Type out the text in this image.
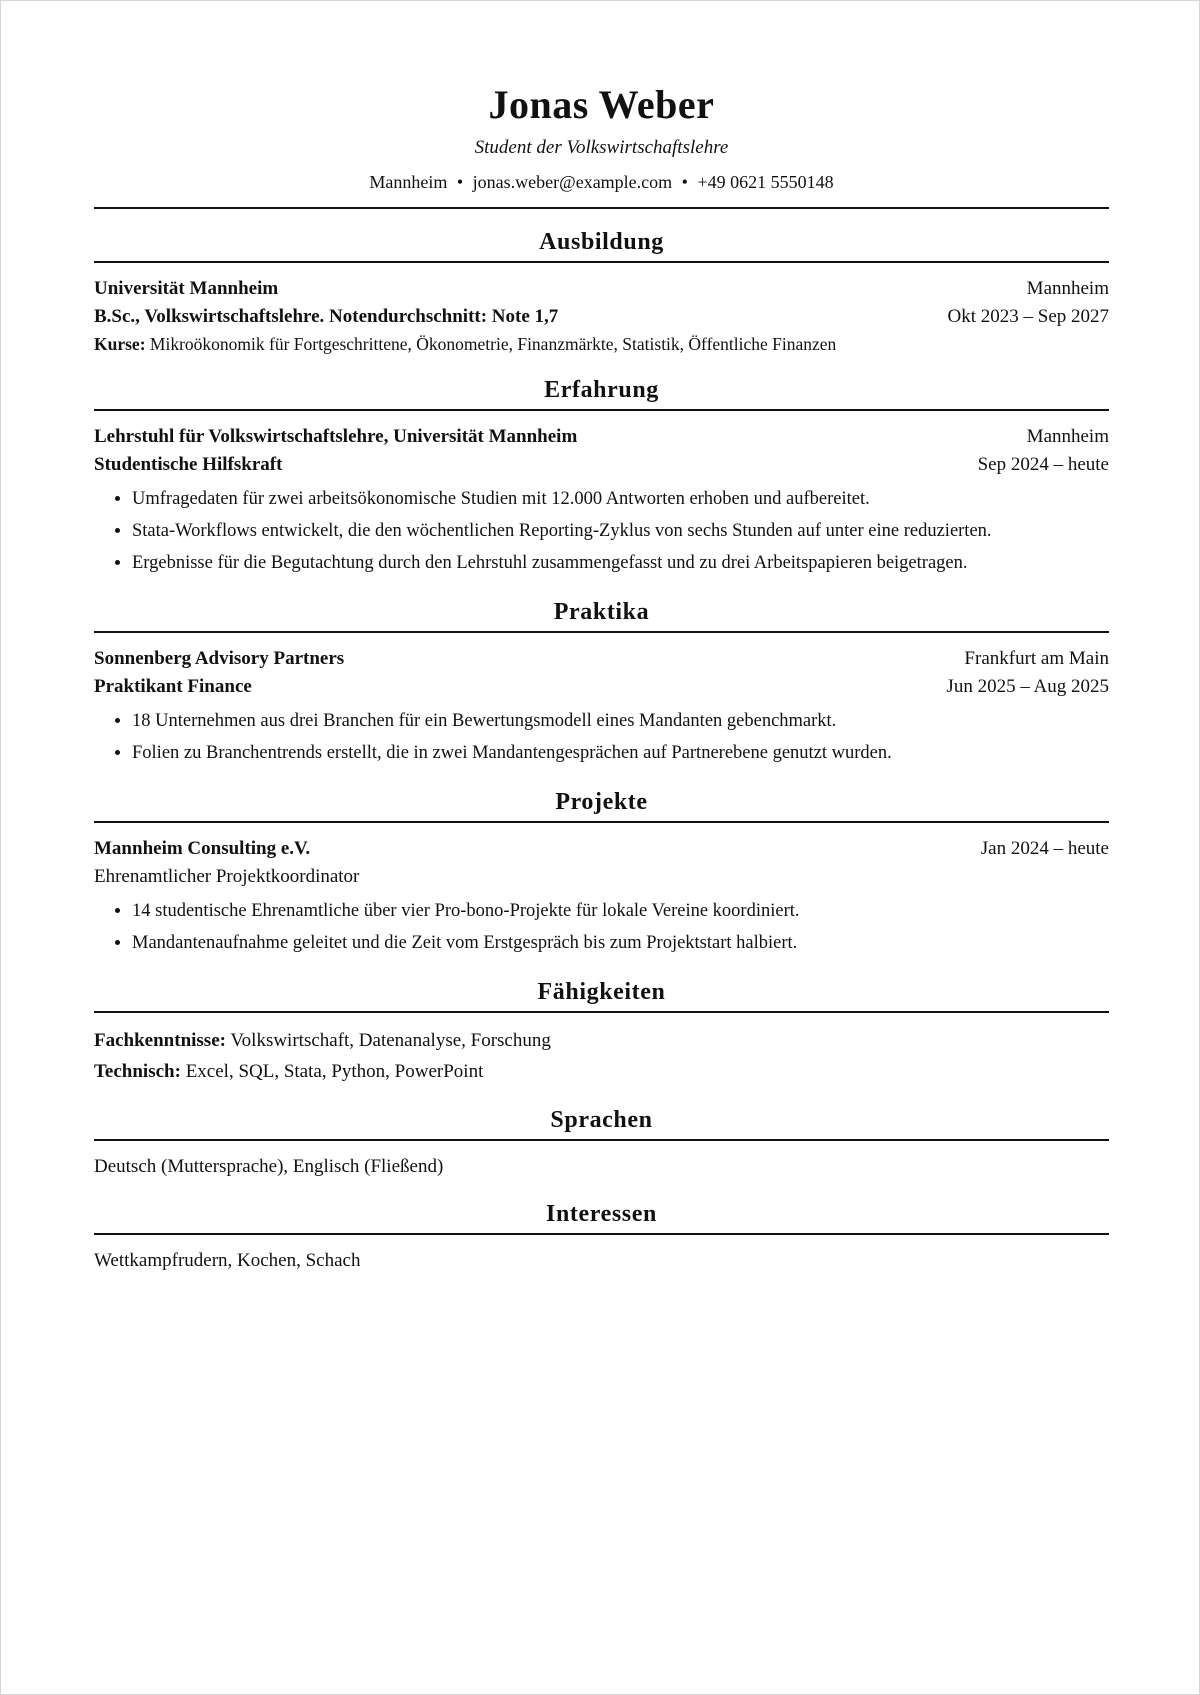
Jonas Weber
Student der Volkswirtschaftslehre
Mannheim • jonas.weber@example.com • +49 0621 5550148
Ausbildung
Universität Mannheim	Mannheim
B.Sc., Volkswirtschaftslehre. Notendurchschnitt: Note 1,7	Okt 2023 – Sep 2027
Kurse: Mikroökonomik für Fortgeschrittene, Ökonometrie, Finanzmärkte, Statistik, Öffentliche Finanzen
Erfahrung
Lehrstuhl für Volkswirtschaftslehre, Universität Mannheim	Mannheim
Studentische Hilfskraft	Sep 2024 – heute
• Umfragedaten für zwei arbeitsökonomische Studien mit 12.000 Antworten erhoben und aufbereitet.
• Stata-Workflows entwickelt, die den wöchentlichen Reporting-Zyklus von sechs Stunden auf unter eine reduzierten.
• Ergebnisse für die Begutachtung durch den Lehrstuhl zusammengefasst und zu drei Arbeitspapieren beigetragen.
Praktika
Sonnenberg Advisory Partners	Frankfurt am Main
Praktikant Finance	Jun 2025 – Aug 2025
• 18 Unternehmen aus drei Branchen für ein Bewertungsmodell eines Mandanten gebenchmarkt.
• Folien zu Branchentrends erstellt, die in zwei Mandantengesprächen auf Partnerebene genutzt wurden.
Projekte
Mannheim Consulting e.V.	Jan 2024 – heute
Ehrenamtlicher Projektkoordinator
• 14 studentische Ehrenamtliche über vier Pro-bono-Projekte für lokale Vereine koordiniert.
• Mandantenaufnahme geleitet und die Zeit vom Erstgespräch bis zum Projektstart halbiert.
Fähigkeiten
Fachkenntnisse: Volkswirtschaft, Datenanalyse, Forschung
Technisch: Excel, SQL, Stata, Python, PowerPoint
Sprachen
Deutsch (Muttersprache), Englisch (Fließend)
Interessen
Wettkampfrudern, Kochen, Schach
